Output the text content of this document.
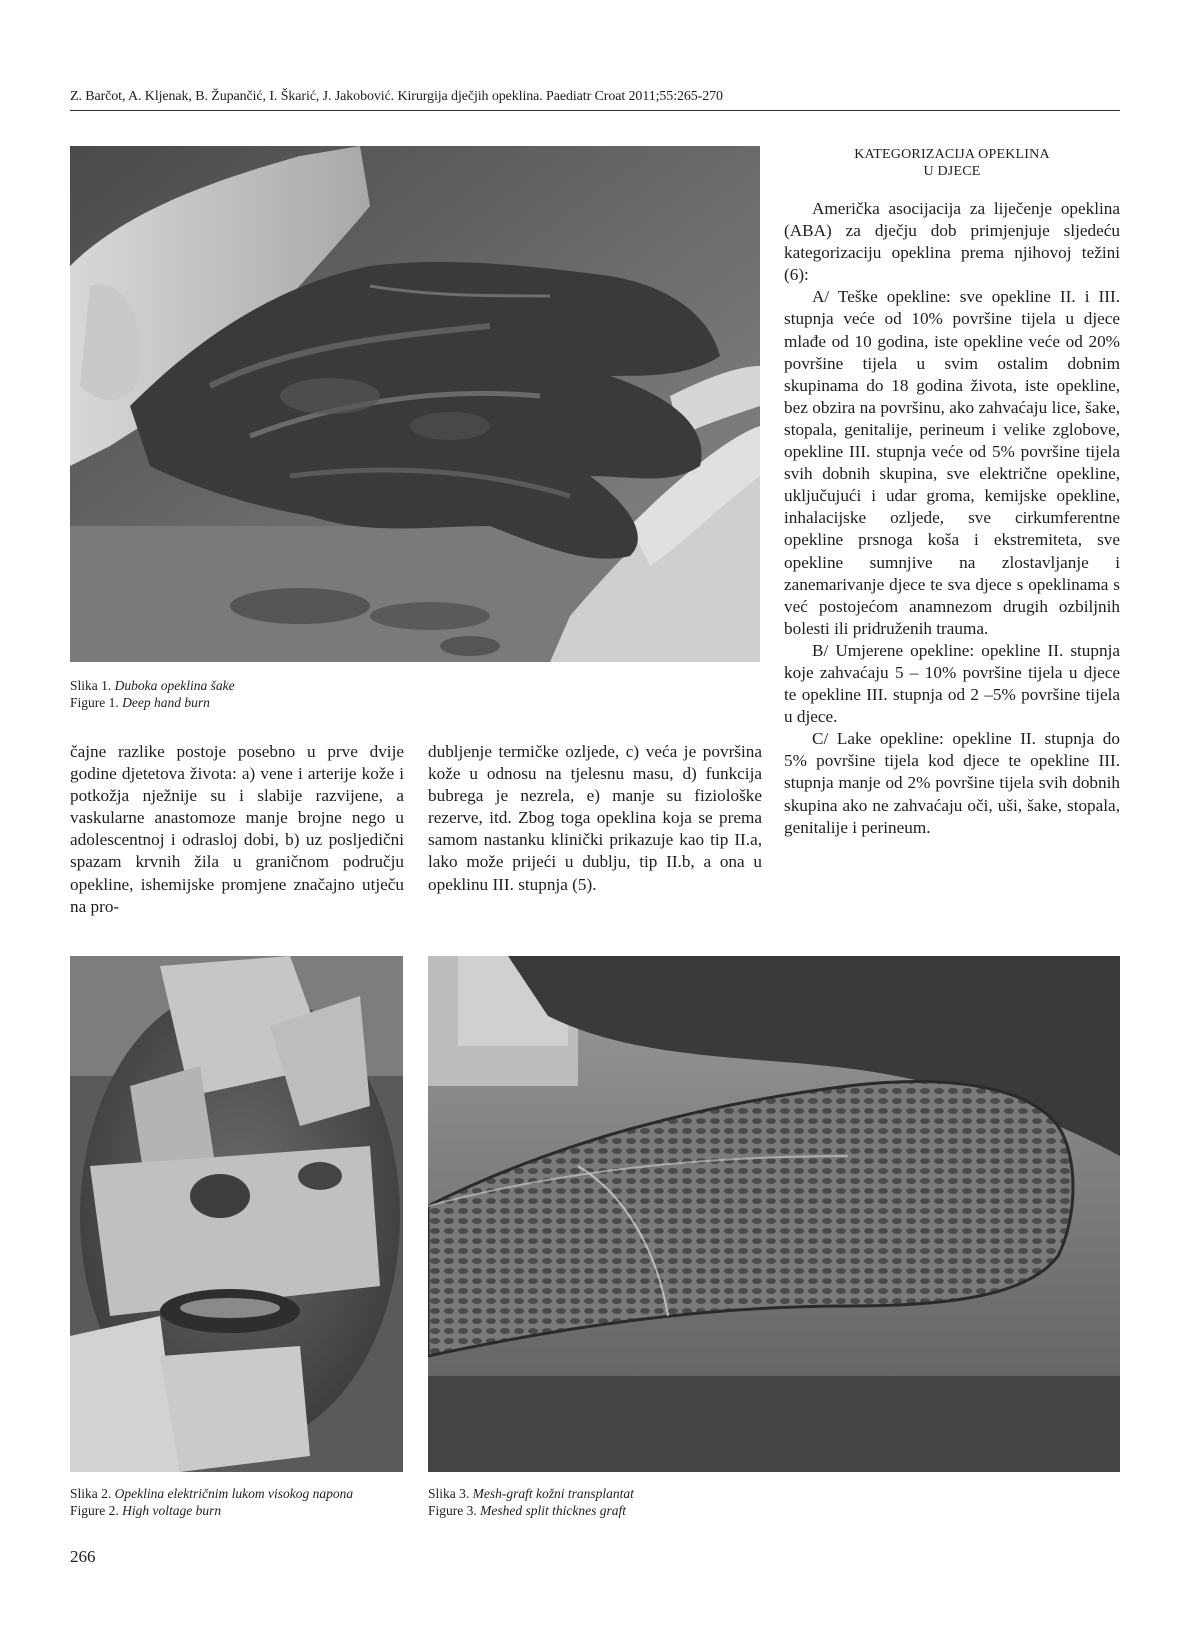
Z. Barčot, A. Kljenak, B. Župančić, I. Škarić, J. Jakobović. Kirurgija dječjih opeklina. Paediatr Croat 2011;55:265-270
Slika 1. Duboka opeklina šake
Figure 1. Deep hand burn
KATEGORIZACIJA OPEKLINA
U DJECE

Američka asocijacija za liječenje opeklina (ABA) za dječju dob primjenjuje sljedeću kategorizaciju opeklina prema njihovoj težini (6):

A/ Teške opekline: sve opekline II. i III. stupnja veće od 10% površine tijela u djece mlađe od 10 godina, iste opekline veće od 20% površine tijela u svim ostalim dobnim skupinama do 18 godina života, iste opekline, bez obzira na površinu, ako zahvaćaju lice, šake, stopala, genitalije, perineum i velike zglobove, opekline III. stupnja veće od 5% površine tijela svih dobnih skupina, sve električne opekline, uključujući i udar groma, kemijske opekline, inhalacijske ozljede, sve cirkumferentne opekline prsnoga koša i ekstremiteta, sve opekline sumnjive na zlostavljanje i zanemarivanje djece te sva djece s opeklinama s već postojećom anamnezom drugih ozbiljnih bolesti ili pridruženih trauma.

B/ Umjerene opekline: opekline II. stupnja koje zahvaćaju 5 – 10% površine tijela u djece te opekline III. stupnja od 2 –5% površine tijela u djece.

C/ Lake opekline: opekline II. stupnja do 5% površine tijela kod djece te opekline III. stupnja manje od 2% površine tijela svih dobnih skupina ako ne zahvaćaju oči, uši, šake, stopala, genitalije i perineum.

čajne razlike postoje posebno u prve dvije godine djetetova života: a) vene i arterije kože i potkožja nježnije su i slabije razvijene, a vaskularne anastomoze manje brojne nego u adolescentnoj i odrasloj dobi, b) uz posljedični spazam krvnih žila u graničnom području opekline, ishemijske promjene značajno utječu na pro-

dubljenje termičke ozljede, c) veća je površina kože u odnosu na tjelesnu masu, d) funkcija bubrega je nezrela, e) manje su fiziološke rezerve, itd. Zbog toga opeklina koja se prema samom nastanku klinički prikazuje kao tip II.a, lako može prijeći u dublju, tip II.b, a ona u opeklinu III. stupnja (5).

Slika 2. Opeklina električnim lukom visokog napona
Figure 2. High voltage burn
Slika 3. Mesh-graft kožni transplantat
Figure 3. Meshed split thicknes graft
266
